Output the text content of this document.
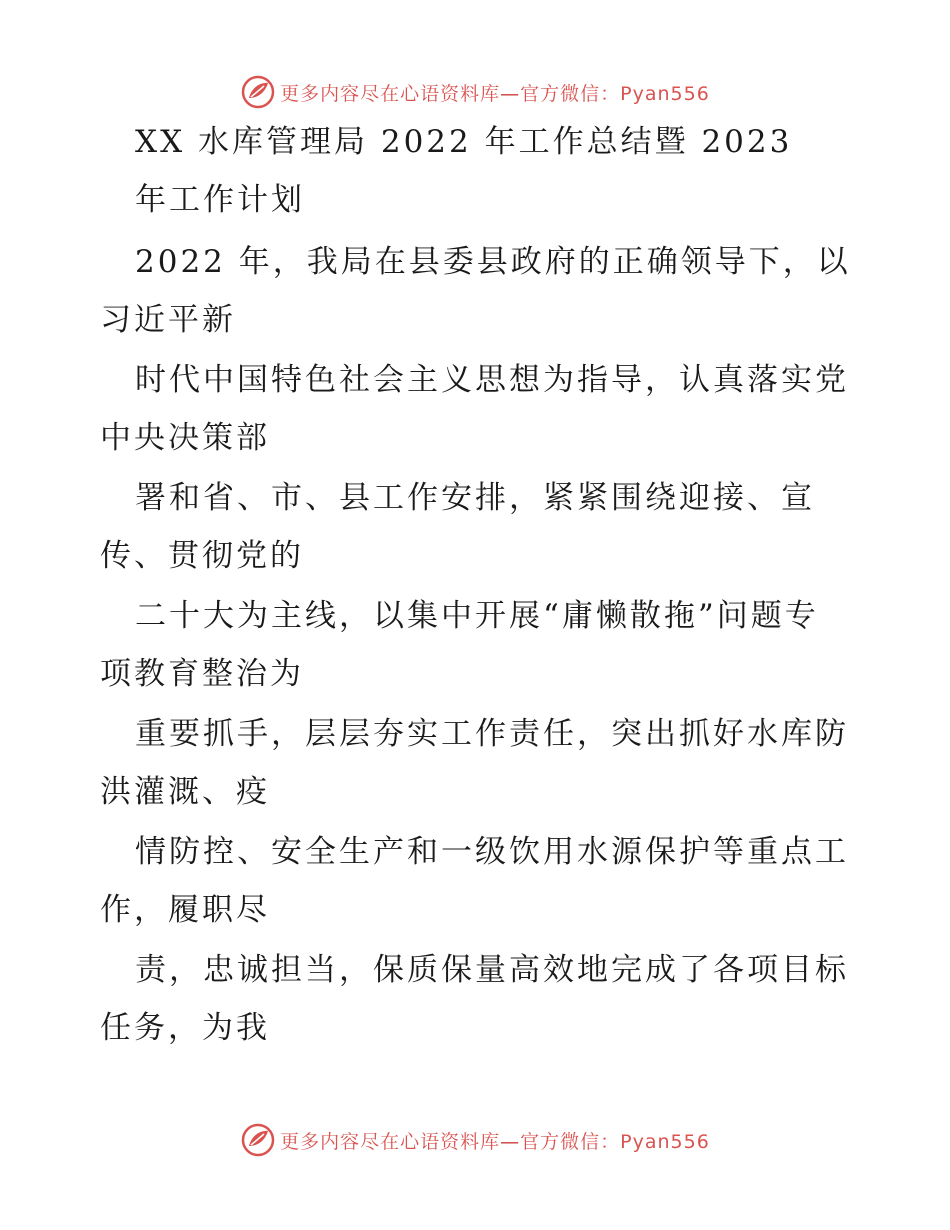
更多内容尽在心语资料库—官方微信：Pyan556
XX 水库管理局 2022 年工作总结暨 2023
年工作计划
2022 年，我局在县委县政府的正确领导下，以
习近平新
时代中国特色社会主义思想为指导，认真落实党
中央决策部
署和省、市、县工作安排，紧紧围绕迎接、宣
传、贯彻党的
二十大为主线，以集中开展“庸懒散拖”问题专
项教育整治为
重要抓手，层层夯实工作责任，突出抓好水库防
洪灌溉、疫
情防控、安全生产和一级饮用水源保护等重点工
作，履职尽
责，忠诚担当，保质保量高效地完成了各项目标
任务，为我
更多内容尽在心语资料库—官方微信：Pyan556
